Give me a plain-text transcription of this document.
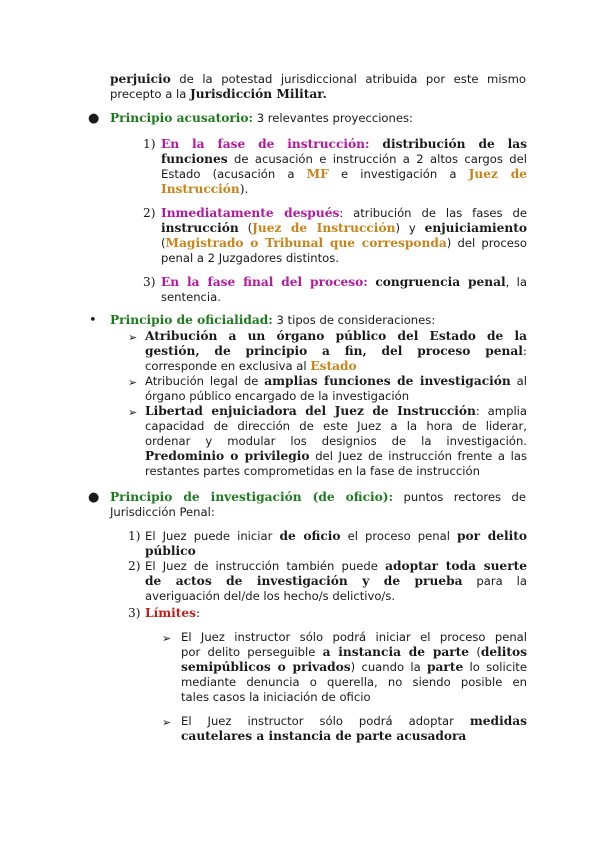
perjuicio de la potestad jurisdiccional atribuida por este mismo
precepto a la Jurisdicción Militar.
● Principio acusatorio: 3 relevantes proyecciones:
1) En la fase de instrucción: distribución de las
funciones de acusación e instrucción a 2 altos cargos del
Estado (acusación a MF e investigación a Juez de
Instrucción).
2) Inmediatamente después: atribución de las fases de
instrucción (Juez de Instrucción) y enjuiciamiento
(Magistrado o Tribunal que corresponda) del proceso
penal a 2 Juzgadores distintos.
3) En la fase final del proceso: congruencia penal, la
sentencia.
• Principio de oficialidad: 3 tipos de consideraciones:
➢ Atribución a un órgano público del Estado de la
gestión, de principio a fin, del proceso penal:
corresponde en exclusiva al Estado
➢ Atribución legal de amplias funciones de investigación al
órgano público encargado de la investigación
➢ Libertad enjuiciadora del Juez de Instrucción: amplia
capacidad de dirección de este Juez a la hora de liderar,
ordenar y modular los designios de la investigación.
Predominio o privilegio del Juez de instrucción frente a las
restantes partes comprometidas en la fase de instrucción
● Principio de investigación (de oficio): puntos rectores de
Jurisdicción Penal:
1) El Juez puede iniciar de oficio el proceso penal por delito
público
2) El Juez de instrucción también puede adoptar toda suerte
de actos de investigación y de prueba para la
averiguación del/de los hecho/s delictivo/s.
3) Límites:
➢ El Juez instructor sólo podrá iniciar el proceso penal
por delito perseguible a instancia de parte (delitos
semipúblicos o privados) cuando la parte lo solicite
mediante denuncia o querella, no siendo posible en
tales casos la iniciación de oficio
➢ El Juez instructor sólo podrá adoptar medidas
cautelares a instancia de parte acusadora
